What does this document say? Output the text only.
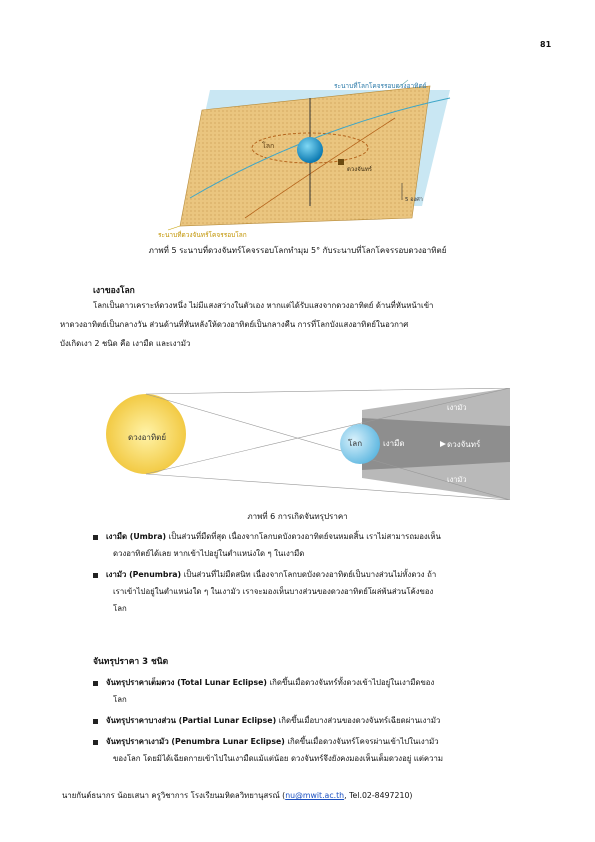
81
โลก
ดวงจันทร์
5 องศา
ระนาบที่โลกโคจรรอบดวงอาทิตย์
ระนาบที่ดวงจันทร์โคจรรอบโลก
ภาพที่ 5 ระนาบที่ดวงจันทร์โคจรรอบโลกทำมุม 5° กับระนาบที่โลกโคจรรอบดวงอาทิตย์
เงาของโลก
โลกเป็นดาวเคราะห์ดวงหนึ่ง ไม่มีแสงสว่างในตัวเอง หากแต่ได้รับแสงจากดวงอาทิตย์ ด้านที่หันหน้าเข้า
หาดวงอาทิตย์เป็นกลางวัน ส่วนด้านที่หันหลังให้ดวงอาทิตย์เป็นกลางคืน การที่โลกบังแสงอาทิตย์ในอวกาศ
บังเกิดเงา 2 ชนิด คือ เงามืด และเงามัว
ดวงอาทิตย์
โลก	เงามืด	ดวงจันทร์
เงามัว
เงามัว
ภาพที่ 6 การเกิดจันทรุปราคา
เงามืด (Umbra) เป็นส่วนที่มืดที่สุด เนื่องจากโลกบดบังดวงอาทิตย์จนหมดสิ้น เราไม่สามารถมองเห็น
ดวงอาทิตย์ได้เลย หากเข้าไปอยู่ในตำแหน่งใด ๆ ในเงามืด
เงามัว (Penumbra) เป็นส่วนที่ไม่มืดสนิท เนื่องจากโลกบดบังดวงอาทิตย์เป็นบางส่วนไม่ทั้งดวง ถ้า
เราเข้าไปอยู่ในตำแหน่งใด ๆ ในเงามัว เราจะมองเห็นบางส่วนของดวงอาทิตย์โผล่พ้นส่วนโค้งของ
โลก
จันทรุปราคา 3 ชนิด
จันทรุปราคาเต็มดวง (Total Lunar Eclipse) เกิดขึ้นเมื่อดวงจันทร์ทั้งดวงเข้าไปอยู่ในเงามืดของ
โลก
จันทรุปราคาบางส่วน (Partial Lunar Eclipse) เกิดขึ้นเมื่อบางส่วนของดวงจันทร์เฉียดผ่านเงามัว
จันทรุปราคาเงามัว (Penumbra Lunar Eclipse) เกิดขึ้นเมื่อดวงจันทร์โคจรผ่านเข้าไปในเงามัว
ของโลก โดยมิได้เฉียดกายเข้าไปในเงามืดแม้แต่น้อย ดวงจันทร์จึงยังคงมองเห็นเต็มดวงอยู่ แต่ความ
นายกันต์ธนากร น้อยเสนา ครูวิชาการ โรงเรียนมหิดลวิทยานุสรณ์ (nu@mwit.ac.th, Tel.02-8497210)
